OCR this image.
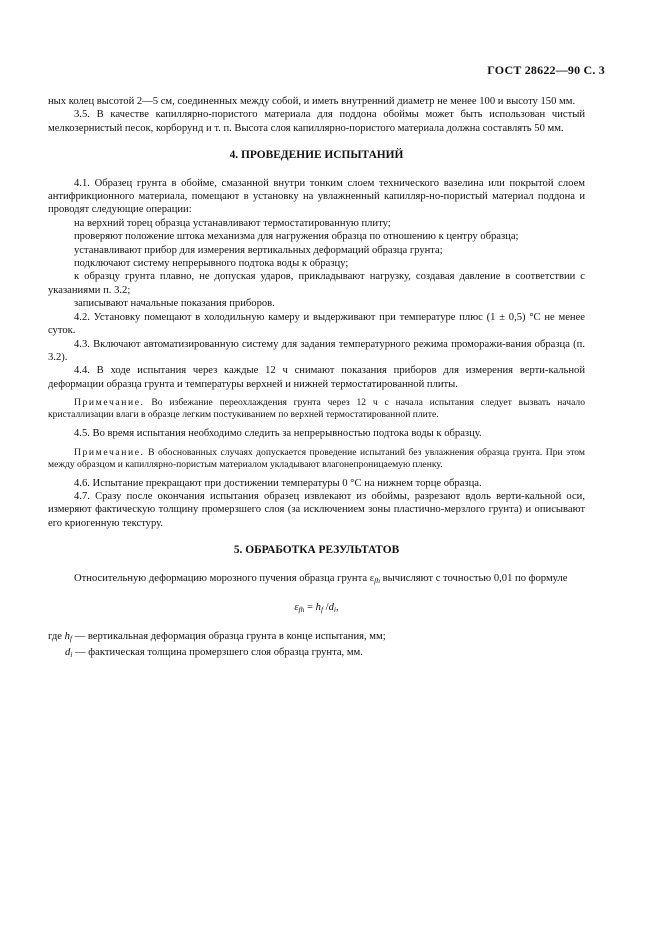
ГОСТ 28622—90 С. 3

ных колец высотой 2—5 см, соединенных между собой, и иметь внутренний диаметр не менее 100 и высоту 150 мм.

3.5. В качестве капиллярно-пористого материала для поддона обоймы может быть использован чистый мелкозернистый песок, корборунд и т. п. Высота слоя капиллярно-пористого материала должна составлять 50 мм.

4. ПРОВЕДЕНИЕ ИСПЫТАНИЙ

4.1. Образец грунта в обойме, смазанной внутри тонким слоем технического вазелина или покрытой слоем антифрикционного материала, помещают в установку на увлажненный капилляр-но-пористый материал поддона и проводят следующие операции:

на верхний торец образца устанавливают термостатированную плиту;

проверяют положение штока механизма для нагружения образца по отношению к центру образца;

устанавливают прибор для измерения вертикальных деформаций образца грунта;

подключают систему непрерывного подтока воды к образцу;

к образцу грунта плавно, не допуская ударов, прикладывают нагрузку, создавая давление в соответствии с указаниями п. 3.2;

записывают начальные показания приборов.

4.2. Установку помещают в холодильную камеру и выдерживают при температуре плюс (1 ± 0,5) °С не менее суток.

4.3. Включают автоматизированную систему для задания температурного режима проморажи-вания образца (п. 3.2).

4.4. В ходе испытания через каждые 12 ч снимают показания приборов для измерения верти-кальной деформации образца грунта и температуры верхней и нижней термостатированной плиты.

Примечание. Во избежание переохлаждения грунта через 12 ч с начала испытания следует вызвать начало кристаллизации влаги в образце легким постукиванием по верхней термостатированной плите.

4.5. Во время испытания необходимо следить за непрерывностью подтока воды к образцу.

Примечание. В обоснованных случаях допускается проведение испытаний без увлажнения образца грунта. При этом между образцом и капиллярно-пористым материалом укладывают влагонепроницаемую пленку.

4.6. Испытание прекращают при достижении температуры 0 °С на нижнем торце образца.

4.7. Сразу после окончания испытания образец извлекают из обоймы, разрезают вдоль верти-кальной оси, измеряют фактическую толщину промерзшего слоя (за исключением зоны пластично-мерзлого грунта) и описывают его криогенную текстуру.

5. ОБРАБОТКА РЕЗУЛЬТАТОВ

Относительную деформацию морозного пучения образца грунта $\varepsilon_{fh}$ вычисляют с точностью 0,01 по формуле

$\varepsilon_{fh} = h_f$ $/d_i$,

где $h_f$ — вертикальная деформация образца грунта в конце испытания, мм;

$d_i$ — фактическая толщина промерзшего слоя образца грунта, мм.
